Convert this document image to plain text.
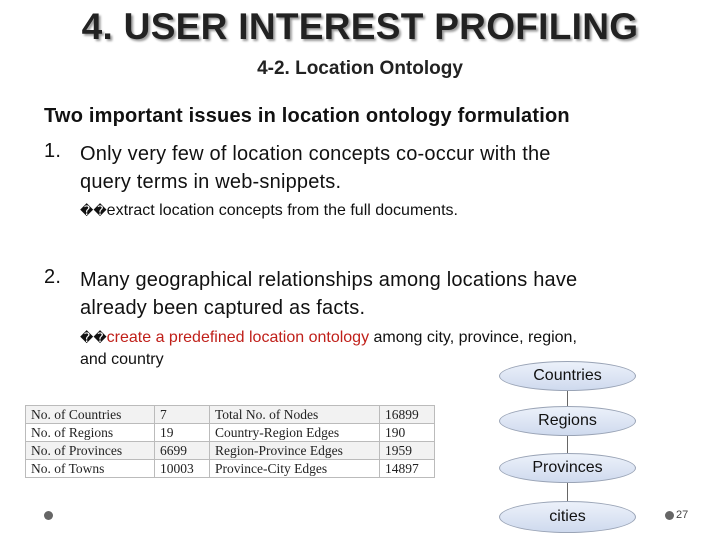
4. USER INTEREST PROFILING
4-2. Location Ontology
Two important issues in location ontology formulation
1. Only very few of location concepts co-occur with the
query terms in web-snippets.
��extract location concepts from the full documents.
2. Many geographical relationships among locations have
already been captured as facts.
��create a predefined location ontology among city, province, region,
and country
No. of Countries	7	Total No. of Nodes	16899
No. of Regions	19	Country-Region Edges	190
No. of Provinces	6699	Region-Province Edges	1959
No. of Towns	10003	Province-City Edges	14897
Countries
Regions
Provinces
cities	27
